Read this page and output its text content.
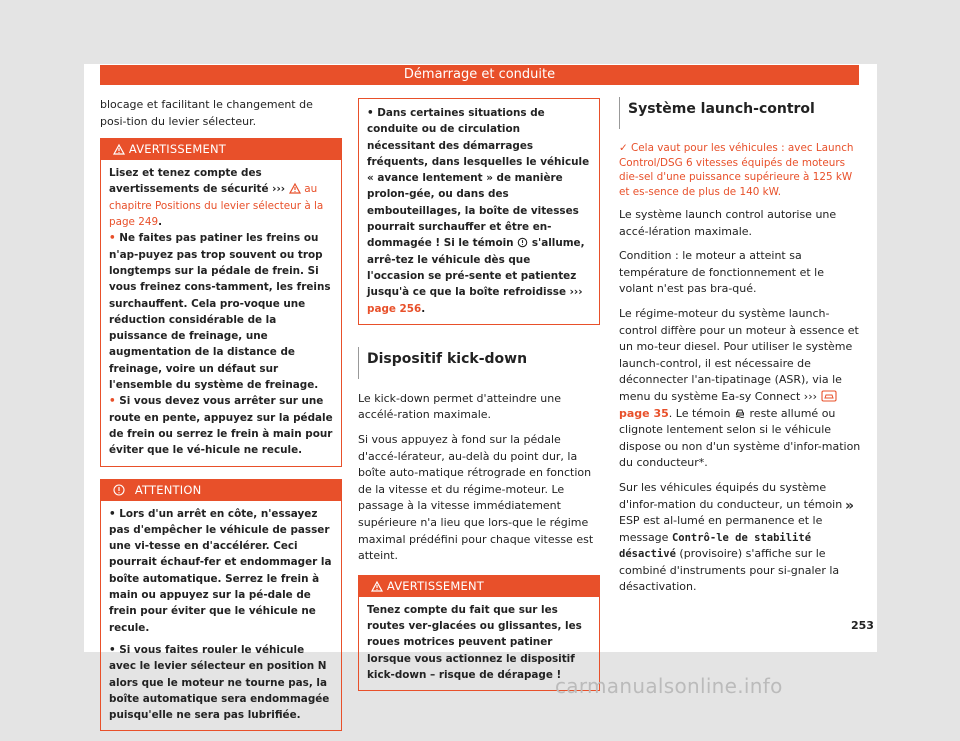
Démarrage et conduite

blocage et facilitant le changement de posi-tion du levier sélecteur.

AVERTISSEMENT

Lisez et tenez compte des avertissements de sécurité ››› au chapitre Positions du levier sélecteur à la page 249.

• Ne faites pas patiner les freins ou n'ap-puyez pas trop souvent ou trop longtemps sur la pédale de frein. Si vous freinez cons-tamment, les freins surchauffent. Cela pro-voque une réduction considérable de la puissance de freinage, une augmentation de la distance de freinage, voire un défaut sur l'ensemble du système de freinage.

• Si vous devez vous arrêter sur une route en pente, appuyez sur la pédale de frein ou serrez le frein à main pour éviter que le vé-hicule ne recule.

ATTENTION

• Lors d'un arrêt en côte, n'essayez pas d'empêcher le véhicule de passer une vi-tesse en d'accélérer. Ceci pourrait échauf-fer et endommager la boîte automatique. Serrez le frein à main ou appuyez sur la pé-dale de frein pour éviter que le véhicule ne recule.

• Si vous faites rouler le véhicule avec le levier sélecteur en position N alors que le moteur ne tourne pas, la boîte automatique sera endommagée puisqu'elle ne sera pas lubrifiée.

• Dans certaines situations de conduite ou de circulation nécessitant des démarrages fréquents, dans lesquelles le véhicule « avance lentement » de manière prolon-gée, ou dans des embouteillages, la boîte de vitesses pourrait surchauffer et être en-dommagée ! Si le témoin s'allume, arrê-tez le véhicule dès que l'occasion se pré-sente et patientez jusqu'à ce que la boîte refroidisse ››› page 256.

Dispositif kick-down

Le kick-down permet d'atteindre une accélé-ration maximale.

Si vous appuyez à fond sur la pédale d'accé-lérateur, au-delà du point dur, la boîte auto-matique rétrograde en fonction de la vitesse et du régime-moteur. Le passage à la vitesse immédiatement supérieure n'a lieu que lors-que le régime maximal prédéfini pour chaque vitesse est atteint.

AVERTISSEMENT

Tenez compte du fait que sur les routes ver-glacées ou glissantes, les roues motrices peuvent patiner lorsque vous actionnez le dispositif kick-down – risque de dérapage !

Système launch-control

✓ Cela vaut pour les véhicules : avec Launch Control/DSG 6 vitesses équipés de moteurs die-sel d'une puissance supérieure à 125 kW et es-sence de plus de 140 kW.

Le système launch control autorise une accé-lération maximale.

Condition : le moteur a atteint sa température de fonctionnement et le volant n'est pas bra-qué.

Le régime-moteur du système launch-control diffère pour un moteur à essence et un mo-teur diesel. Pour utiliser le système launch-control, il est nécessaire de déconnecter l'an-tipatinage (ASR), via le menu du système Ea-sy Connect ›››  page 35. Le témoin reste allumé ou clignote lentement selon si le véhicule dispose ou non d'un système d'infor-mation du conducteur*.

Sur les véhicules équipés du système d'infor-mation du conducteur, un témoin ESP est al-lumé en permanence et le message Contrô-le de stabilité désactivé (provisoire) s'affiche sur le combiné d'instruments pour si-gnaler la désactivation.

»
253
carmanualsonline.info
